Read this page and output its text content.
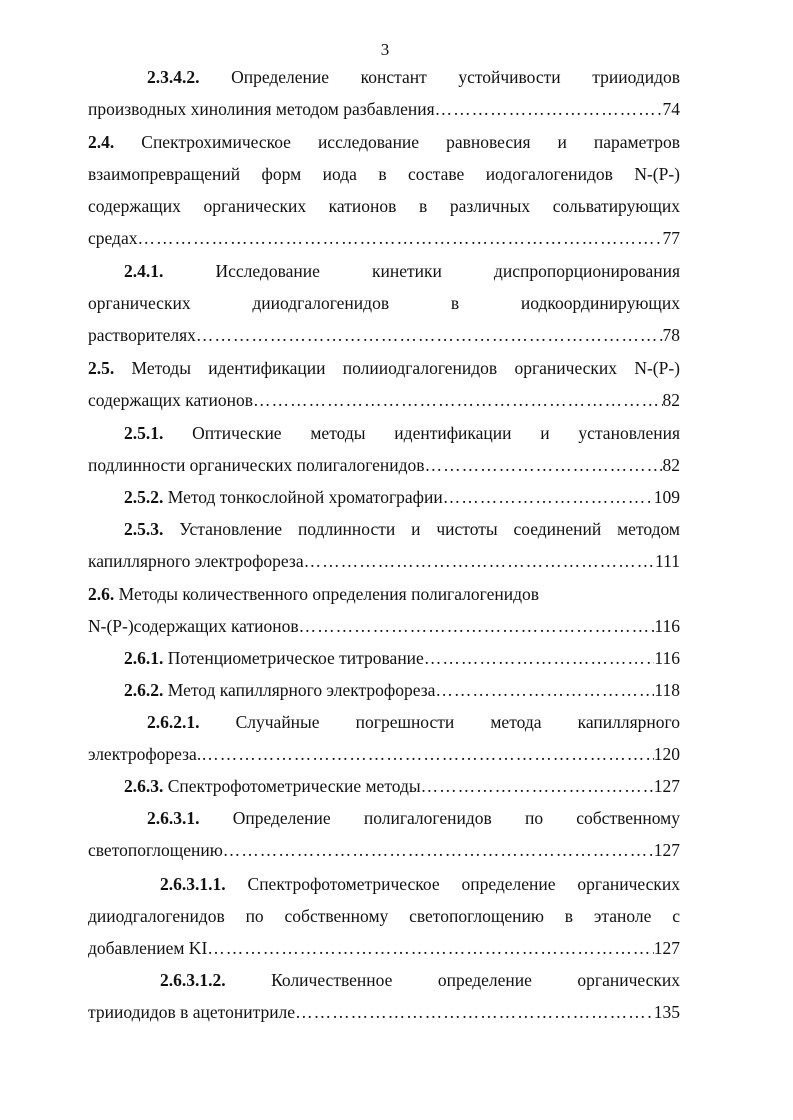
3
2.3.4.2. Определение констант устойчивости трииодидов
производных хинолиния методом разбавления ………………………………………………………………………………………………………………………………………	74
2.4. Спектрохимическое исследование равновесия и параметров
взаимопревращений форм иода в составе иодогалогенидов N-(P-)
содержащих органических катионов в различных сольватирующих
средах ………………………………………………………………………………………………………………………………………	77
2.4.1.	Исследование кинетики диспропорционирования
органических дииодгалогенидов в иодкоординирующих
растворителях ………………………………………………………………………………………………………………………………………	78
2.5. Методы идентификации полииодгалогенидов органических N-(P-)
содержащих катионов ………………………………………………………………………………………………………………………………………	82
2.5.1. Оптические методы идентификации и установления
подлинности органических полигалогенидов ………………………………………………………………………………………………………………………………………	82
2.5.2. Метод тонкослойной хроматографии ………………………………………………………………………………………………………………………………………	109
2.5.3. Установление подлинности и чистоты соединений методом
капиллярного электрофореза ………………………………………………………………………………………………………………………………………	111
2.6. Методы количественного определения полигалогенидов
N-(P-)содержащих катионов ………………………………………………………………………………………………………………………………………	116
2.6.1. Потенциометрическое титрование ………………………………………………………………………………………………………………………………………	116
2.6.2. Метод капиллярного электрофореза ………………………………………………………………………………………………………………………………………	118
2.6.2.1. Случайные погрешности метода капиллярного
электрофореза. ………………………………………………………………………………………………………………………………………	120
2.6.3. Спектрофотометрические методы ………………………………………………………………………………………………………………………………………	127
2.6.3.1. Определение полигалогенидов по собственному
светопоглощению ………………………………………………………………………………………………………………………………………	127
2.6.3.1.1. Спектрофотометрическое определение органических
дииодгалогенидов по собственному светопоглощению в этаноле с
добавлением KI ………………………………………………………………………………………………………………………………………	127
2.6.3.1.2.	Количественное определение органических
трииодидов в ацетонитриле ………………………………………………………………………………………………………………………………………	135
